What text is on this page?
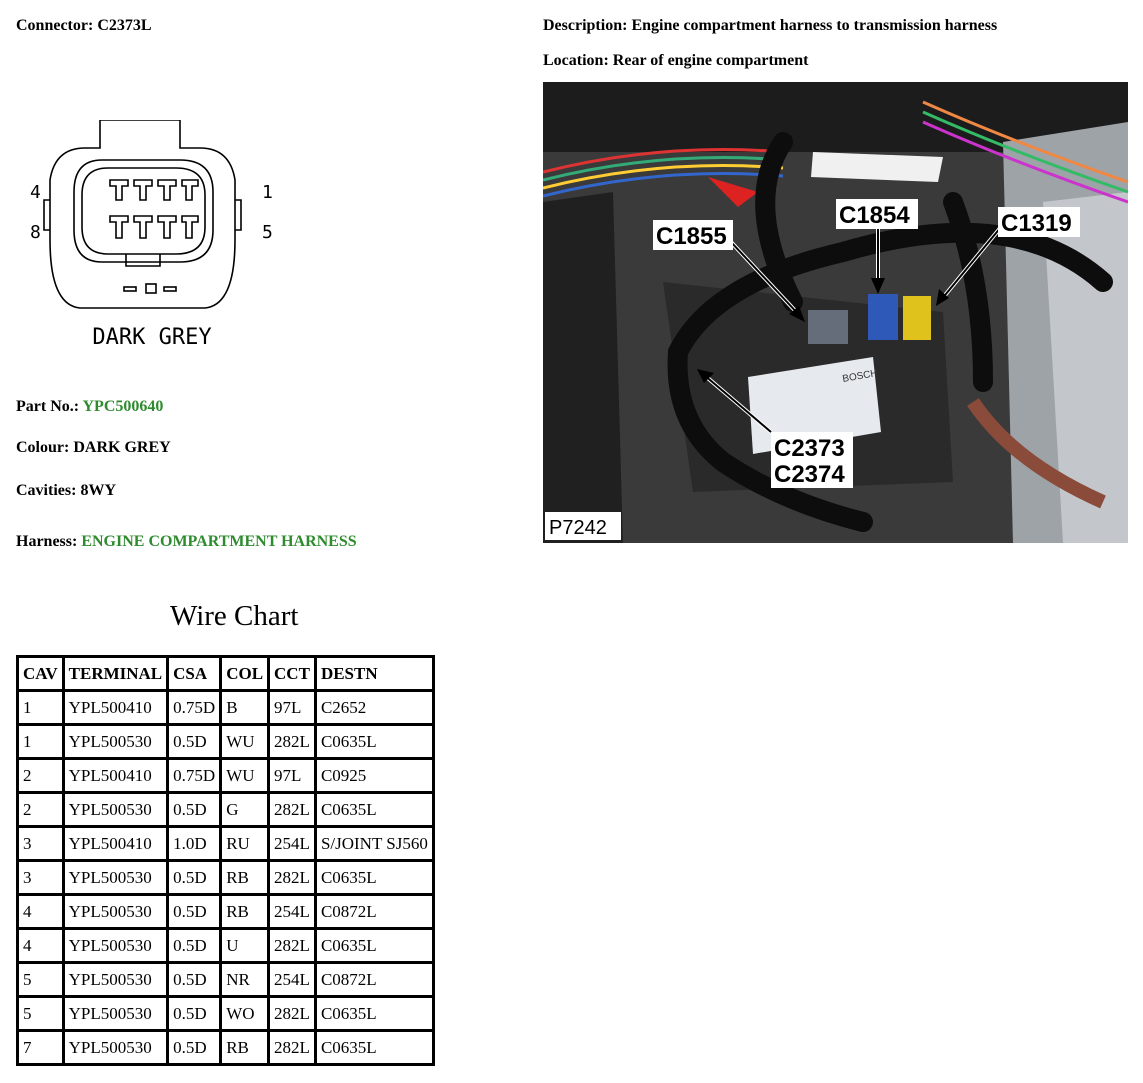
Connector: C2373L	Description: Engine compartment harness to transmission harness
Location: Rear of engine compartment
4
8
1
5
DARK GREY
Part No.: YPC500640
Colour: DARK GREY
Cavities: 8WY
Harness: ENGINE COMPARTMENT HARNESS
BOSCH
C1855
C1854	C1319
C2373
C2374
P7242
Wire Chart
CAV	TERMINAL	CSA	COL	CCT	DESTN
1	YPL500410	0.75D	B	97L	C2652
1	YPL500530	0.5D	WU	282L	C0635L
2	YPL500410	0.75D	WU	97L	C0925
2	YPL500530	0.5D	G	282L	C0635L
3	YPL500410	1.0D	RU	254L	S/JOINT SJ560
3	YPL500530	0.5D	RB	282L	C0635L
4	YPL500530	0.5D	RB	254L	C0872L
4	YPL500530	0.5D	U	282L	C0635L
5	YPL500530	0.5D	NR	254L	C0872L
5	YPL500530	0.5D	WO	282L	C0635L
7	YPL500530	0.5D	RB	282L	C0635L
